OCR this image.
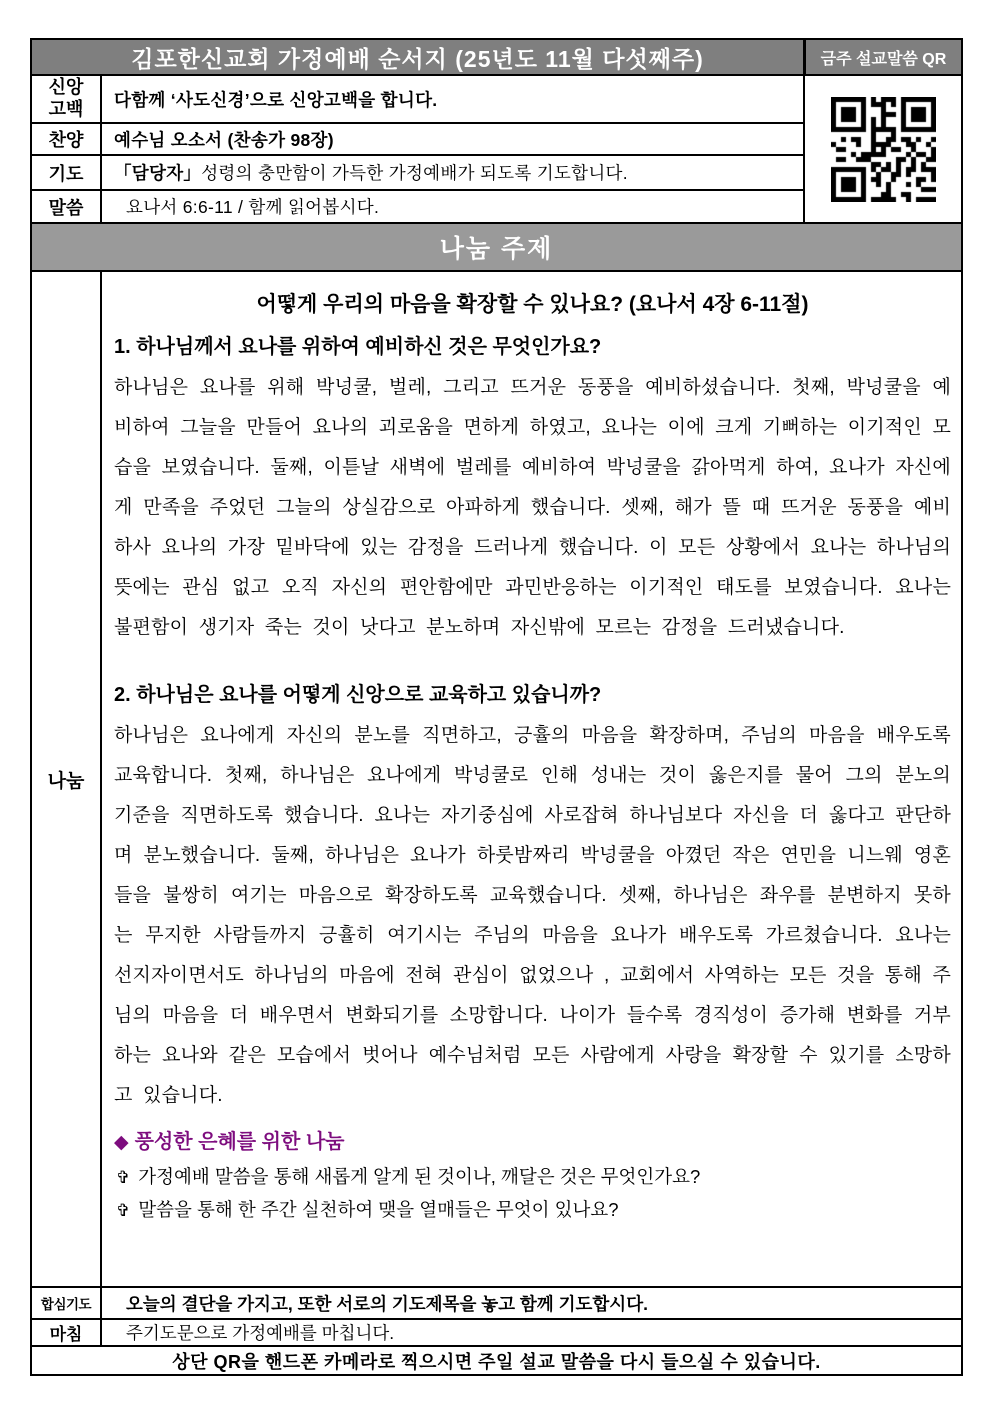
김포한신교회 가정예배 순서지 (25년도 11월 다섯째주)	금주 설교말씀 QR
신앙고백	다함께 ‘사도신경’으로 신앙고백을 합니다.
찬양	예수님 오소서 (찬송가 98장)
기도	「담당자」 성령의 충만함이 가득한 가정예배가 되도록 기도합니다.
말씀	요나서 6:6-11 / 함께 읽어봅시다.
나눔 주제
나눔
어떻게 우리의 마음을 확장할 수 있나요? (요나서 4장 6-11절)
1. 하나님께서 요나를 위하여 예비하신 것은 무엇인가요?
하나님은 요나를 위해 박넝쿨, 벌레, 그리고 뜨거운 동풍을 예비하셨습니다. 첫째, 박넝쿨을 예비하여 그늘을 만들어 요나의 괴로움을 면하게 하였고, 요나는 이에 크게 기뻐하는 이기적인 모습을 보였습니다. 둘째, 이튿날 새벽에 벌레를 예비하여 박넝쿨을 갉아먹게 하여, 요나가 자신에게 만족을 주었던 그늘의 상실감으로 아파하게 했습니다. 셋째, 해가 뜰 때 뜨거운 동풍을 예비하사 요나의 가장 밑바닥에 있는 감정을 드러나게 했습니다. 이 모든 상황에서 요나는 하나님의 뜻에는 관심 없고 오직 자신의 편안함에만 과민반응하는 이기적인 태도를 보였습니다. 요나는 불편함이 생기자 죽는 것이 낫다고 분노하며 자신밖에 모르는 감정을 드러냈습니다.
2. 하나님은 요나를 어떻게 신앙으로 교육하고 있습니까?
하나님은 요나에게 자신의 분노를 직면하고, 긍휼의 마음을 확장하며, 주님의 마음을 배우도록 교육합니다. 첫째, 하나님은 요나에게 박넝쿨로 인해 성내는 것이 옳은지를 물어 그의 분노의 기준을 직면하도록 했습니다. 요나는 자기중심에 사로잡혀 하나님보다 자신을 더 옳다고 판단하며 분노했습니다. 둘째, 하나님은 요나가 하룻밤짜리 박넝쿨을 아꼈던 작은 연민을 니느웨 영혼들을 불쌍히 여기는 마음으로 확장하도록 교육했습니다. 셋째, 하나님은 좌우를 분변하지 못하는 무지한 사람들까지 긍휼히 여기시는 주님의 마음을 요나가 배우도록 가르쳤습니다. 요나는 선지자이면서도 하나님의 마음에 전혀 관심이 없었으나 , 교회에서 사역하는 모든 것을 통해 주님의 마음을 더 배우면서 변화되기를 소망합니다. 나이가 들수록 경직성이 증가해 변화를 거부하는 요나와 같은 모습에서 벗어나 예수님처럼 모든 사람에게 사랑을 확장할 수 있기를 소망하고 있습니다.
◆ 풍성한 은혜를 위한 나눔
✞ 가정예배 말씀을 통해 새롭게 알게 된 것이나, 깨달은 것은 무엇인가요?
✞ 말씀을 통해 한 주간 실천하여 맺을 열매들은 무엇이 있나요?
합심기도	오늘의 결단을 가지고, 또한 서로의 기도제목을 놓고 함께 기도합시다.
마침	주기도문으로 가정예배를 마칩니다.
상단 QR을 핸드폰 카메라로 찍으시면 주일 설교 말씀을 다시 들으실 수 있습니다.
